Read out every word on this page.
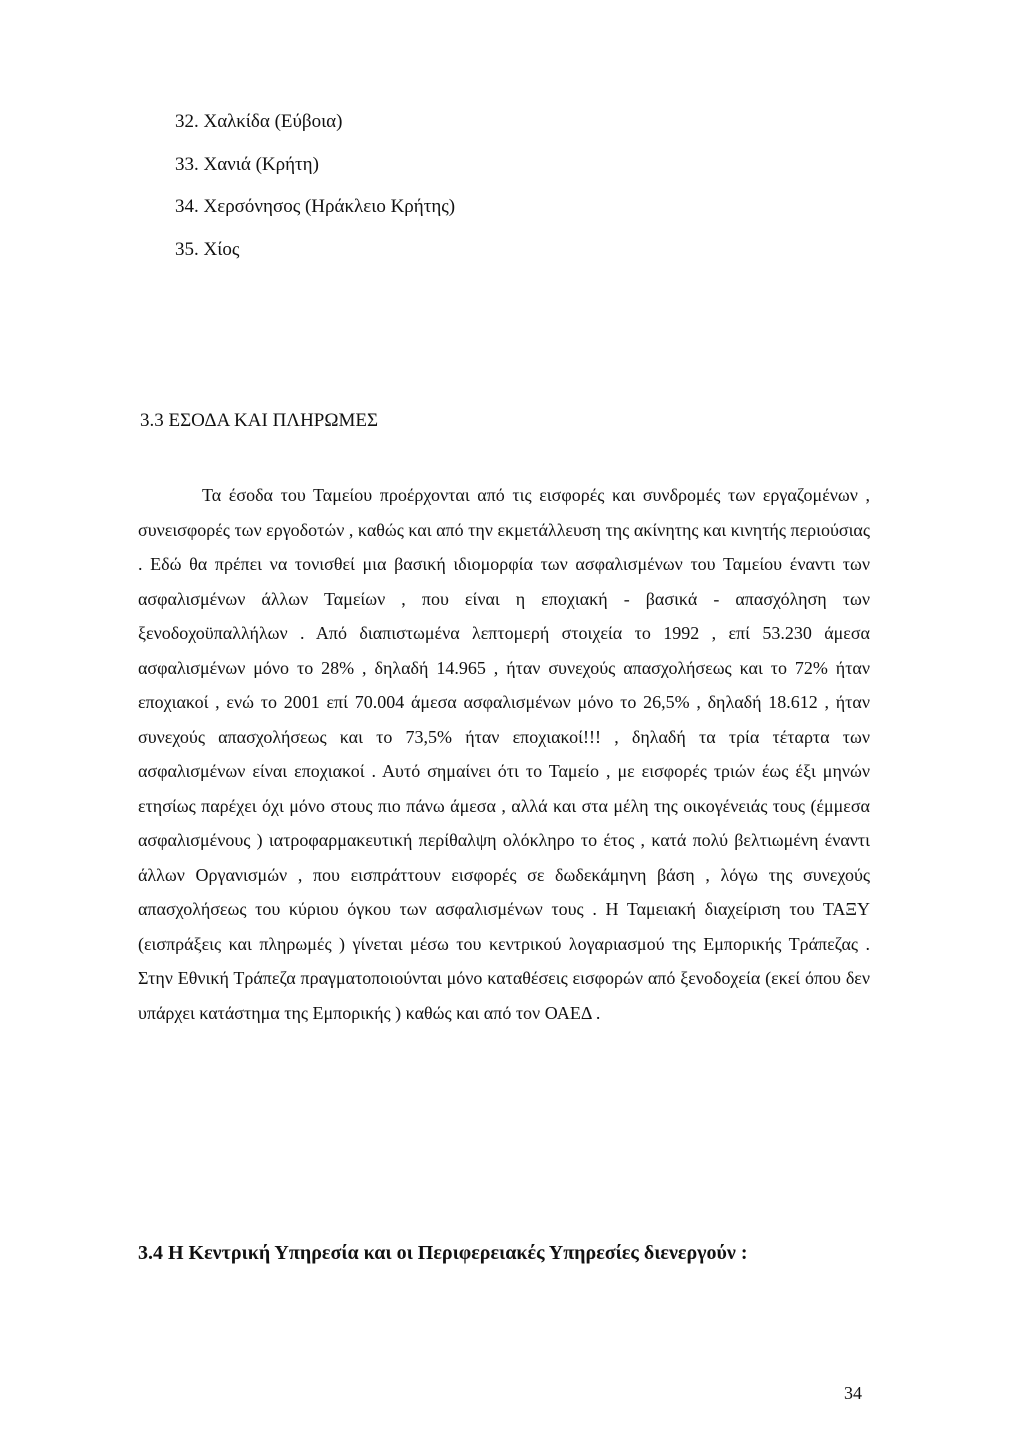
32. Χαλκίδα (Εύβοια)
33. Χανιά (Κρήτη)
34. Χερσόνησος (Ηράκλειο Κρήτης)
35. Χίος
3.3 ΕΣΟΔΑ ΚΑΙ ΠΛΗΡΩΜΕΣ

Τα έσοδα του Ταμείου προέρχονται από τις εισφορές και συνδρομές των εργαζομένων , συνεισφορές των εργοδοτών , καθώς και από την εκμετάλλευση της ακίνητης και κινητής περιούσιας . Εδώ θα πρέπει να τονισθεί μια βασική ιδιομορφία των ασφαλισμένων του Ταμείου έναντι των ασφαλισμένων άλλων Ταμείων , που είναι η εποχιακή - βασικά - απασχόληση των ξενοδοχοϋπαλλήλων . Από διαπιστωμένα λεπτομερή στοιχεία το 1992 , επί 53.230 άμεσα ασφαλισμένων μόνο το 28% , δηλαδή 14.965 , ήταν συνεχούς απασχολήσεως και το 72% ήταν εποχιακοί , ενώ το 2001 επί 70.004 άμεσα ασφαλισμένων μόνο το 26,5% , δηλαδή 18.612 , ήταν συνεχούς απασχολήσεως και το 73,5% ήταν εποχιακοί!!! , δηλαδή τα τρία τέταρτα των ασφαλισμένων είναι εποχιακοί . Αυτό σημαίνει ότι το Ταμείο , με εισφορές τριών έως έξι μηνών ετησίως παρέχει όχι μόνο στους πιο πάνω άμεσα , αλλά και στα μέλη της οικογένειάς τους (έμμεσα ασφαλισμένους ) ιατροφαρμακευτική περίθαλψη ολόκληρο το έτος , κατά πολύ βελτιωμένη έναντι άλλων Οργανισμών , που εισπράττουν εισφορές σε δωδεκάμηνη βάση , λόγω της συνεχούς απασχολήσεως του κύριου όγκου των ασφαλισμένων τους . Η Ταμειακή διαχείριση του ΤΑΞΥ (εισπράξεις και πληρωμές ) γίνεται μέσω του κεντρικού λογαριασμού της Εμπορικής Τράπεζας . Στην Εθνική Τράπεζα πραγματοποιούνται μόνο καταθέσεις εισφορών από ξενοδοχεία (εκεί όπου δεν υπάρχει κατάστημα της Εμπορικής ) καθώς και από τον ΟΑΕΔ .

3.4 Η Κεντρική Υπηρεσία και οι Περιφερειακές Υπηρεσίες διενεργούν :
34
